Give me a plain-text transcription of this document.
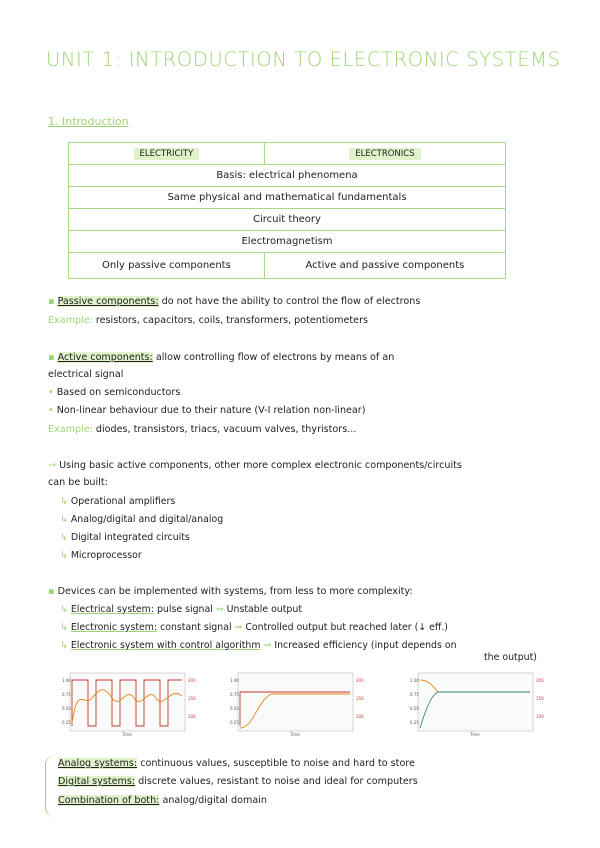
UNIT 1: INTRODUCTION TO ELECTRONIC SYSTEMS
1. Introduction
ELECTRICITY	ELECTRONICS
Basis: electrical phenomena	
Same physical and mathematical fundamentals	
Circuit theory	
Electromagnetism	
Only passive components	Active and passive components
▪ Passive components: do not have the ability to control the flow of electrons
Example: resistors, capacitors, coils, transformers, potentiometers
▪ Active components: allow controlling flow of electrons by means of an
electrical signal
• Based on semiconductors
• Non-linear behaviour due to their nature (V-I relation non-linear)
Example: diodes, transistors, triacs, vacuum valves, thyristors...
→ Using basic active components, other more complex electronic components/circuits
can be built:
↳ Operational amplifiers
↳ Analog/digital and digital/analog
↳ Digital integrated circuits
↳ Microprocessor
▪ Devices can be implemented with systems, from less to more complexity:
↳ Electrical system: pulse signal ⇒ Unstable output
↳ Electronic system: constant signal ⇒ Controlled output but reached later (↓ eff.)
↳ Electronic system with control algorithm ⇒ Increased efficiency (input depends on
the output)
1.00
0.75
0.50
0.25
200
150
100
Time
1.00
0.75
0.50
0.25
200
150
100
Time
1.00
0.75
0.50
0.25
200
150
100
Time
Analog systems: continuous values, susceptible to noise and hard to store
Digital systems: discrete values, resistant to noise and ideal for computers
Combination of both: analog/digital domain
